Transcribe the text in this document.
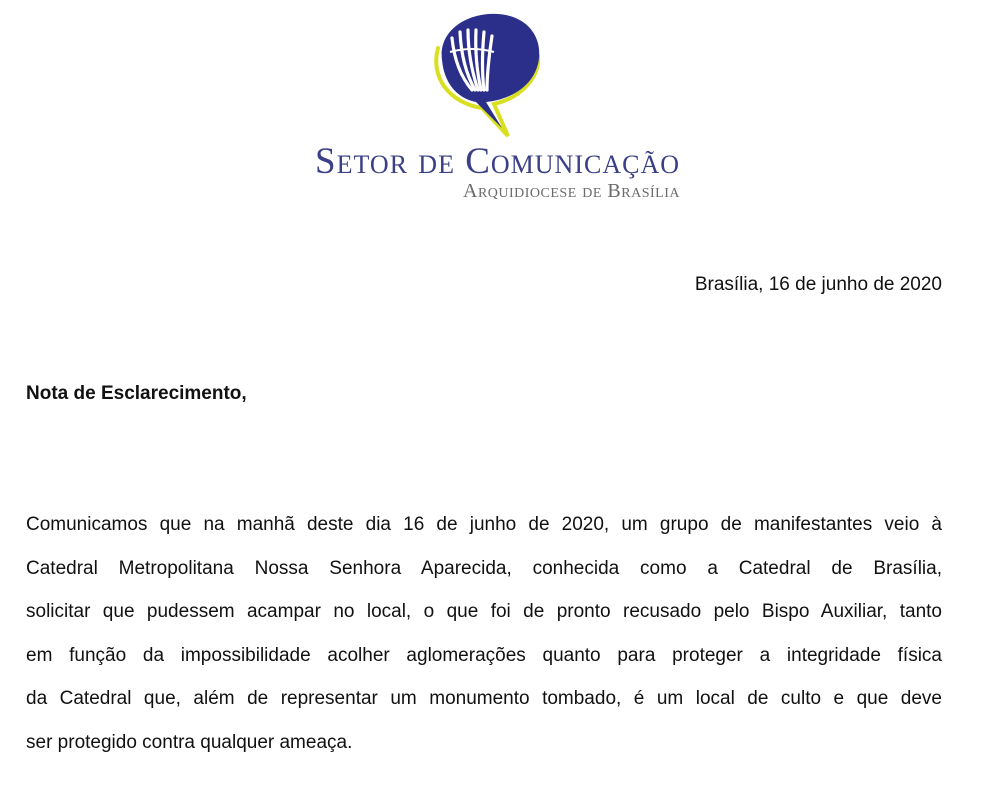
Setor de Comunicação
Arquidiocese de Brasília
Brasília, 16 de junho de 2020
Nota de Esclarecimento,

Comunicamos que na manhã deste dia 16 de junho de 2020, um grupo de manifestantes veio à
Catedral Metropolitana Nossa Senhora Aparecida, conhecida como a Catedral de Brasília,
solicitar que pudessem acampar no local, o que foi de pronto recusado pelo Bispo Auxiliar, tanto
em função da impossibilidade acolher aglomerações quanto para proteger a integridade física
da Catedral que, além de representar um monumento tombado, é um local de culto e que deve
ser protegido contra qualquer ameaça.
